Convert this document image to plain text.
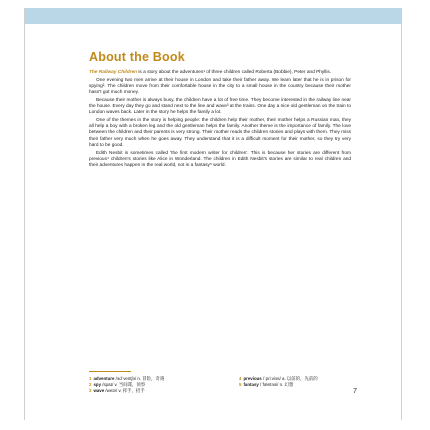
About the Book

The Railway Children is a story about the adventures¹ of three children called Roberta (Bobbie), Peter and Phyllis.

One evening two men arrive at their house in London and take their father away. We learn later that he is in prison for spying². The children move from their comfortable house in the city to a small house in the country because their mother hasn't got much money.

Because their mother is always busy, the children have a lot of free time. They become interested in the railway line near the house. Every day they go and stand next to the line and wave³ at the trains. One day a nice old gentleman on the train to London waves back. Later in the story he helps the family a lot.

One of the themes in the story is helping people: the children help their mother, their mother helps a Russian man, they all help a boy with a broken leg and the old gentleman helps the family. Another theme is the importance of family. The love between the children and their parents is very strong. Their mother reads the children stories and plays with them. They miss their father very much when he goes away. They understand that it is a difficult moment for their mother, so they try very hard to be good.

Edith Nesbit is sometimes called 'the first modern writer for children'. This is because her stories are different from previous⁴ children's stories like Alice in Wonderland. The children in Edith Nesbit's stories are similar to real children and their adventures happen in the real world, not in a fantasy⁵ world.

1 adventure /ədˈventʃə/ n. 冒险，奇遇
2 spy /spaɪ/ v. 当间谍，侦察
3 wave /weɪv/ v. 挥手，招手
4 previous /ˈpriːviəs/ a. 以前的，先前的
5 fantasy /ˈfæntəsi/ n. 幻想
7
